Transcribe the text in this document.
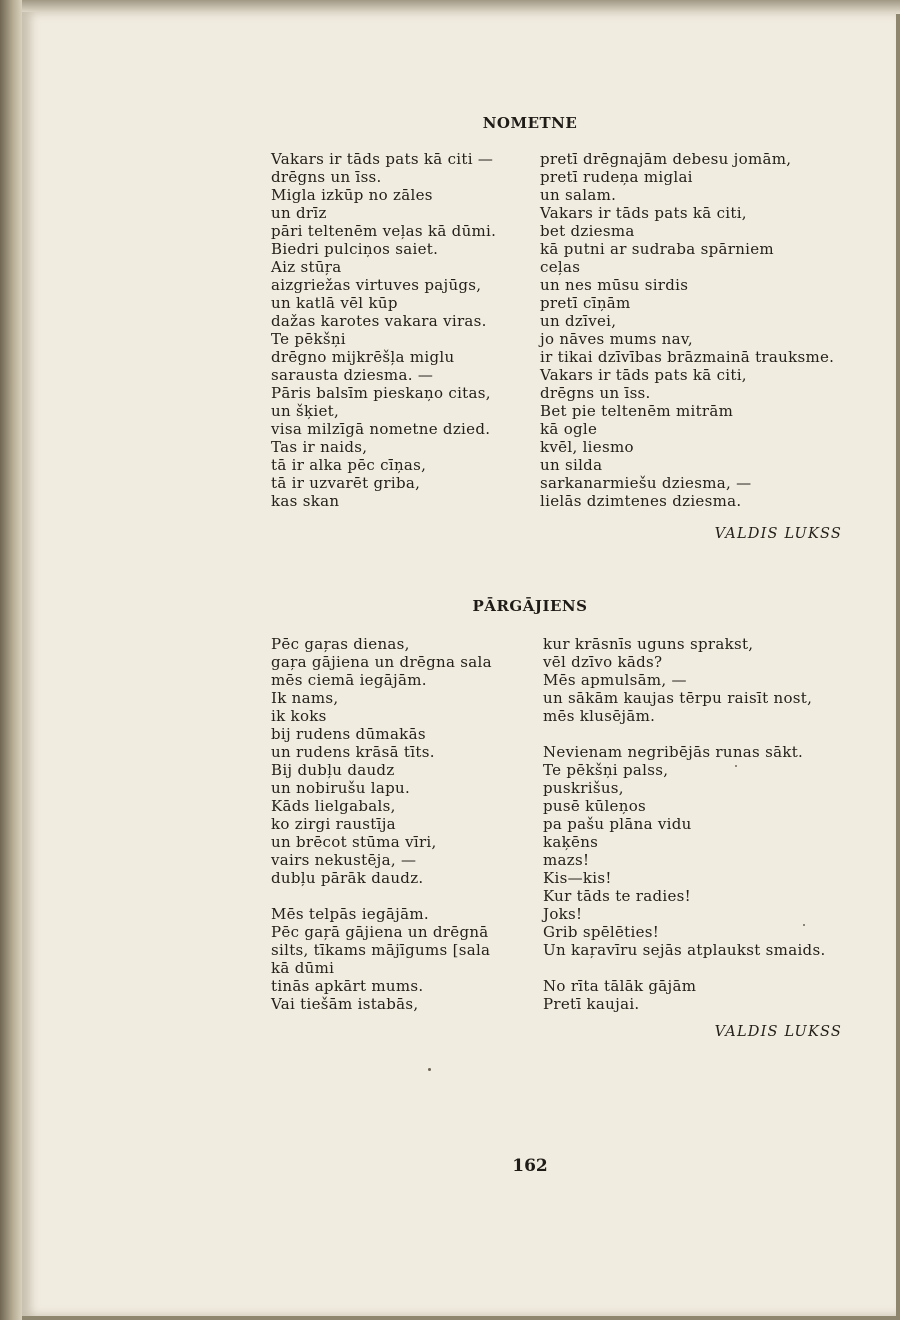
NOMETNE
Vakars ir tāds pats kā citi —
drēgns un īss.
Migla izkūp no zāles
un drīz
pāri teltenēm veļas kā dūmi.
Biedri pulciņos saiet.
Aiz stūŗa
aizgriežas virtuves pajūgs,
un katlā vēl kūp
dažas karotes vakara viras.
Te pēkšņi
drēgno mijkrēšļa miglu
sarausta dziesma. —
Pāris balsīm pieskaņo citas,
un šķiet,
visa milzīgā nometne dzied.
Tas ir naids,
tā ir alka pēc cīņas,
tā ir uzvarēt griba,
kas skan
pretī drēgnajām debesu jomām,
pretī rudeņa miglai
un salam.
Vakars ir tāds pats kā citi,
bet dziesma
kā putni ar sudraba spārniem
ceļas
un nes mūsu sirdis
pretī cīņām
un dzīvei,
jo nāves mums nav,
ir tikai dzīvības brāzmainā trauksme.
Vakars ir tāds pats kā citi,
drēgns un īss.
Bet pie teltenēm mitrām
kā ogle
kvēl, liesmo
un silda
sarkanarmiešu dziesma, —
lielās dzimtenes dziesma.
VALDIS LUKSS
PĀRGĀJIENS
Pēc gaŗas dienas,
gaŗa gājiena un drēgna sala
mēs ciemā iegājām.
Ik nams,
ik koks
bij rudens dūmakās
un rudens krāsā tīts.
Bij dubļu daudz
un nobirušu lapu.
Kāds lielgabals,
ko zirgi raustīja
un brēcot stūma vīri,
vairs nekustēja, —
dubļu pārāk daudz.
Mēs telpās iegājām.
Pēc gaŗā gājiena un drēgnā
silts, tīkams mājīgums [sala
kā dūmi
tinās apkārt mums.
Vai tiešām istabās,
kur krāsnīs uguns sprakst,
vēl dzīvo kāds?
Mēs apmulsām, —
un sākām kaujas tērpu raisīt nost,
mēs klusējām.
Nevienam negribējās runas sākt.
Te pēkšņi palss,
puskrišus,
pusē kūleņos
pa pašu plāna vidu
kaķēns
mazs!
Kis—kis!
Kur tāds te radies!
Joks!
Grib spēlēties!
Un kaŗavīru sejās atplaukst smaids.
No rīta tālāk gājām
Pretī kaujai.
VALDIS LUKSS
162
